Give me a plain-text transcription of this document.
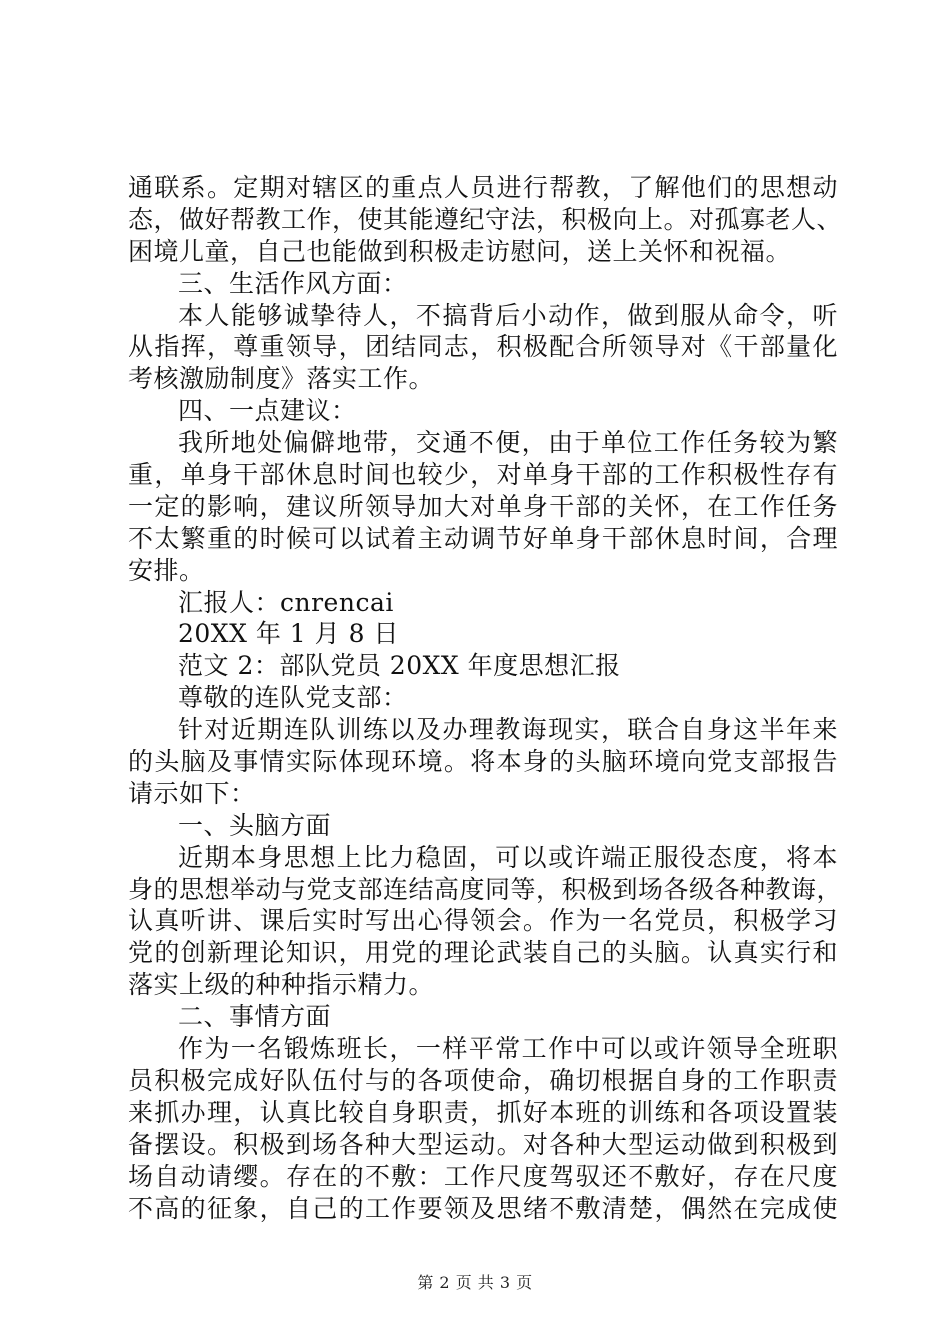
通联系。定期对辖区的重点人员进行帮教，了解他们的思想动
态，做好帮教工作，使其能遵纪守法，积极向上。对孤寡老人、
困境儿童，自己也能做到积极走访慰问，送上关怀和祝福。
三、生活作风方面：
本人能够诚挚待人，不搞背后小动作，做到服从命令，听
从指挥，尊重领导，团结同志，积极配合所领导对《干部量化
考核激励制度》落实工作。
四、一点建议：
我所地处偏僻地带，交通不便，由于单位工作任务较为繁
重，单身干部休息时间也较少，对单身干部的工作积极性存有
一定的影响，建议所领导加大对单身干部的关怀，在工作任务
不太繁重的时候可以试着主动调节好单身干部休息时间，合理
安排。
汇报人：cnrencai
20XX 年 1 月 8 日
范文 2：部队党员 20XX 年度思想汇报
尊敬的连队党支部：
针对近期连队训练以及办理教诲现实，联合自身这半年来
的头脑及事情实际体现环境。将本身的头脑环境向党支部报告
请示如下：
一、头脑方面
近期本身思想上比力稳固，可以或许端正服役态度，将本
身的思想举动与党支部连结高度同等，积极到场各级各种教诲，
认真听讲、课后实时写出心得领会。作为一名党员，积极学习
党的创新理论知识，用党的理论武装自己的头脑。认真实行和
落实上级的种种指示精力。
二、事情方面
作为一名锻炼班长，一样平常工作中可以或许领导全班职
员积极完成好队伍付与的各项使命，确切根据自身的工作职责
来抓办理，认真比较自身职责，抓好本班的训练和各项设置装
备摆设。积极到场各种大型运动。对各种大型运动做到积极到
场自动请缨。存在的不敷：工作尺度驾驭还不敷好，存在尺度
不高的征象，自己的工作要领及思绪不敷清楚，偶然在完成使
第 2 页 共 3 页
